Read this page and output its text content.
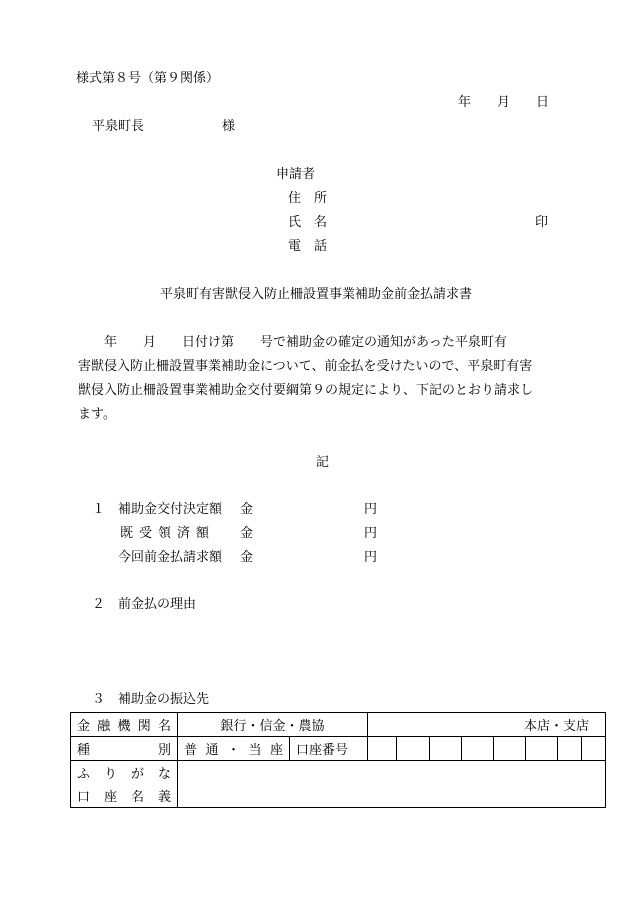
様式第８号（第９関係）
年　　月　　日
平泉町長　　　　　　様
申請者
住　所
氏　名	印
電　話
平泉町有害獣侵入防止柵設置事業補助金前金払請求書
　　年　　月　　日付け第　　号で補助金の確定の通知があった平泉町有
害獣侵入防止柵設置事業補助金について、前金払を受けたいので、平泉町有害
獣侵入防止柵設置事業補助金交付要綱第９の規定により、下記のとおり請求し
ます。
記
１ 補助金交付決定額 金	円
既受領済額	金	円
今回前金払請求額 金	円
２ 前金払の理由
３ 補助金の振込先
金 融 機 関 名	銀行・信金・農協		本店・支店							

種 別	普 通 ・ 当 座	口座番号								

ふ り が な										

口 座 名 義										
